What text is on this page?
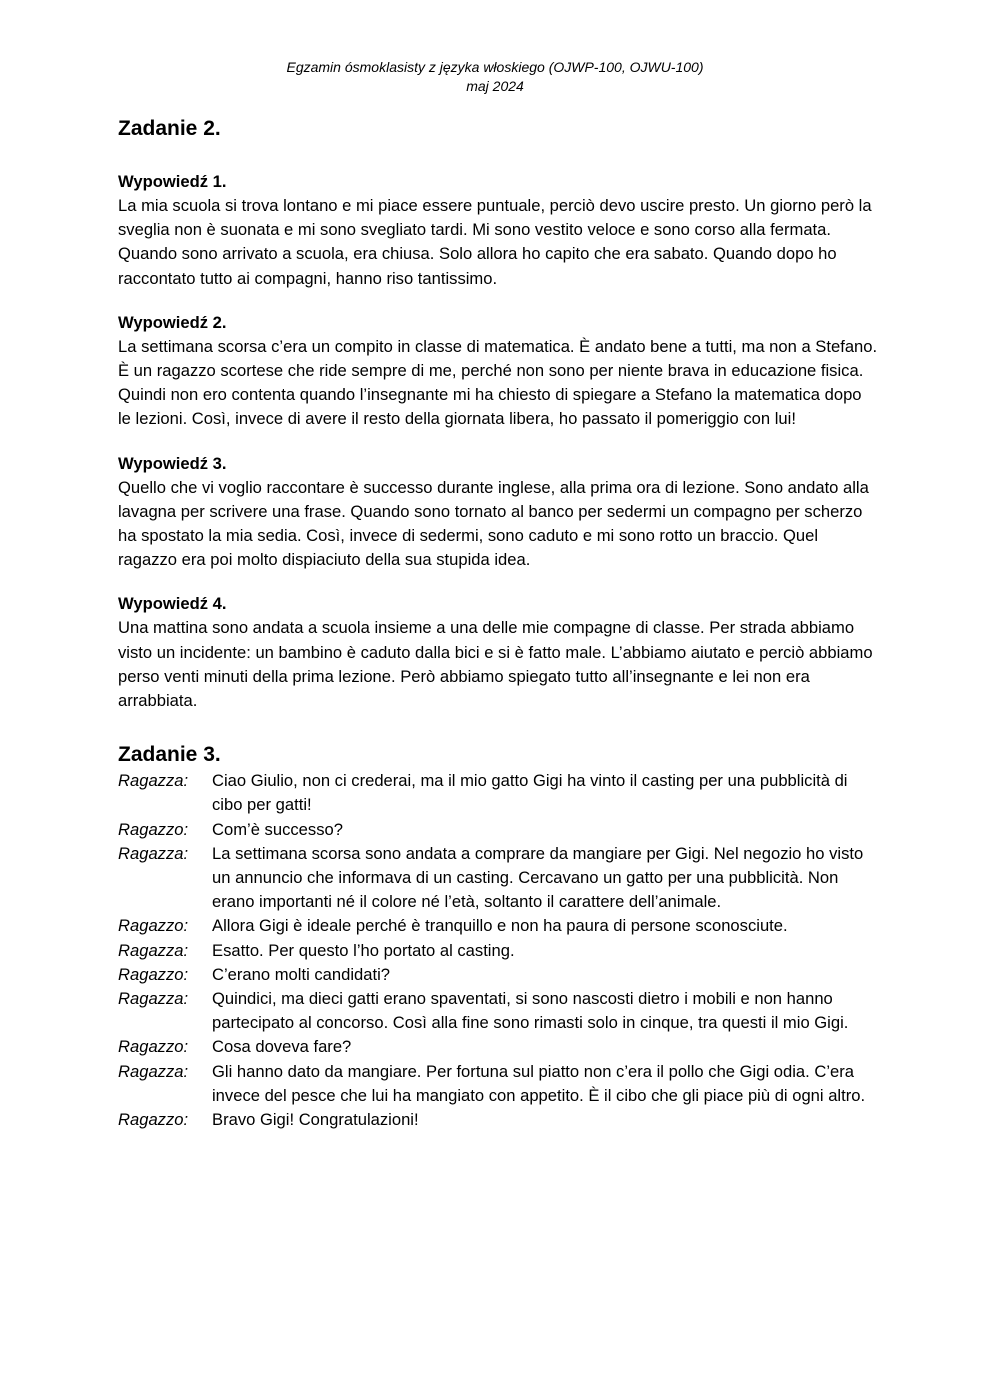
Egzamin ósmoklasisty z języka włoskiego (OJWP-100, OJWU-100)
maj 2024
Zadanie 2.
Wypowiedź 1.
La mia scuola si trova lontano e mi piace essere puntuale, perciò devo uscire presto. Un giorno però la sveglia non è suonata e mi sono svegliato tardi. Mi sono vestito veloce e sono corso alla fermata. Quando sono arrivato a scuola, era chiusa. Solo allora ho capito che era sabato. Quando dopo ho raccontato tutto ai compagni, hanno riso tantissimo.
Wypowiedź 2.
La settimana scorsa c’era un compito in classe di matematica. È andato bene a tutti, ma non a Stefano. È un ragazzo scortese che ride sempre di me, perché non sono per niente brava in educazione fisica. Quindi non ero contenta quando l’insegnante mi ha chiesto di spiegare a Stefano la matematica dopo le lezioni. Così, invece di avere il resto della giornata libera, ho passato il pomeriggio con lui!
Wypowiedź 3.
Quello che vi voglio raccontare è successo durante inglese, alla prima ora di lezione. Sono andato alla lavagna per scrivere una frase. Quando sono tornato al banco per sedermi un compagno per scherzo ha spostato la mia sedia. Così, invece di sedermi, sono caduto e mi sono rotto un braccio. Quel ragazzo era poi molto dispiaciuto della sua stupida idea.
Wypowiedź 4.
Una mattina sono andata a scuola insieme a una delle mie compagne di classe. Per strada abbiamo visto un incidente: un bambino è caduto dalla bici e si è fatto male. L’abbiamo aiutato e perciò abbiamo perso venti minuti della prima lezione. Però abbiamo spiegato tutto all’insegnante e lei non era arrabbiata.
Zadanie 3.
Ragazza:	Ciao Giulio, non ci crederai, ma il mio gatto Gigi ha vinto il casting per una pubblicità di cibo per gatti!
Ragazzo:	Com’è successo?
Ragazza:	La settimana scorsa sono andata a comprare da mangiare per Gigi. Nel negozio ho visto un annuncio che informava di un casting. Cercavano un gatto per una pubblicità. Non erano importanti né il colore né l’età, soltanto il carattere dell’animale.
Ragazzo:	Allora Gigi è ideale perché è tranquillo e non ha paura di persone sconosciute.
Ragazza:	Esatto. Per questo l’ho portato al casting.
Ragazzo:	C’erano molti candidati?
Ragazza:	Quindici, ma dieci gatti erano spaventati, si sono nascosti dietro i mobili e non hanno partecipato al concorso. Così alla fine sono rimasti solo in cinque, tra questi il mio Gigi.
Ragazzo:	Cosa doveva fare?
Ragazza:	Gli hanno dato da mangiare. Per fortuna sul piatto non c’era il pollo che Gigi odia. C’era invece del pesce che lui ha mangiato con appetito. È il cibo che gli piace più di ogni altro.
Ragazzo:	Bravo Gigi! Congratulazioni!
